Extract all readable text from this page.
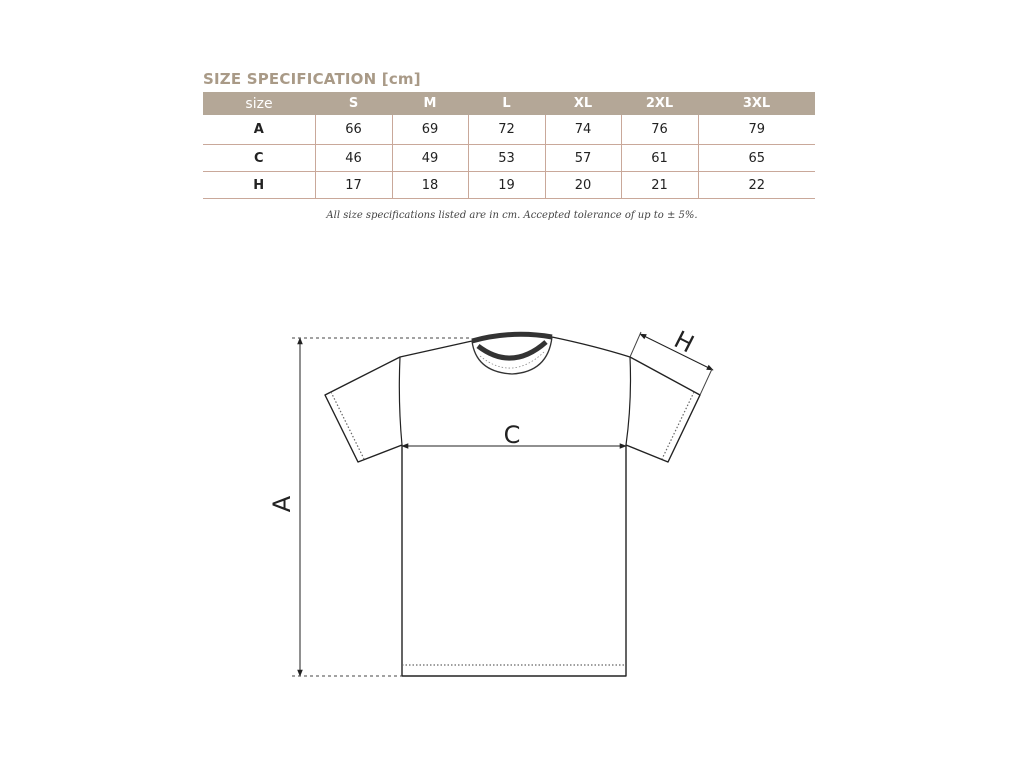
SIZE SPECIFICATION [cm]
size	S	M	L	XL	2XL	3XL
A	66	69	72	74	76	79
C	46	49	53	57	61	65
H	17	18	19	20	21	22
All size specifications listed are in cm. Accepted tolerance of up to ± 5%.
A
C
H
